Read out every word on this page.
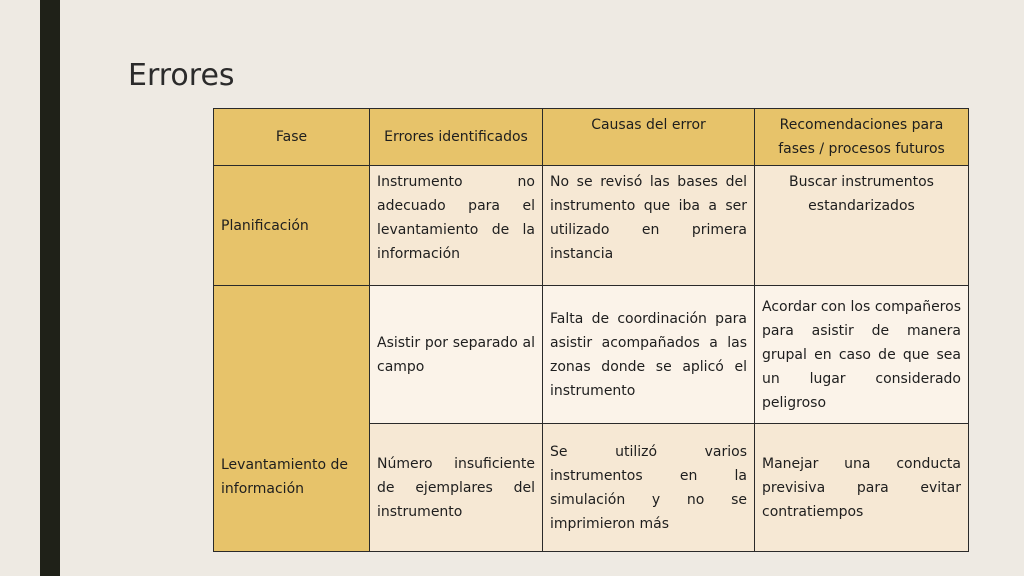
Errores
Fase	Errores identificados	Causas del error	Recomendaciones para fases / procesos futuros
Planificación	Instrumento no adecuado para el levantamiento de la información	No se revisó las bases del instrumento que iba a ser utilizado en primera instancia	Buscar instrumentos estandarizados
Levantamiento de información	Asistir por separado al campo	Falta de coordinación para asistir acompañados a las zonas donde se aplicó el instrumento	Acordar con los compañeros para asistir de manera grupal en caso de que sea un lugar considerado peligroso
	Número insuficiente de ejemplares del instrumento	Se utilizó varios instrumentos en la simulación y no se imprimieron más	Manejar una conducta previsiva para evitar contratiempos
